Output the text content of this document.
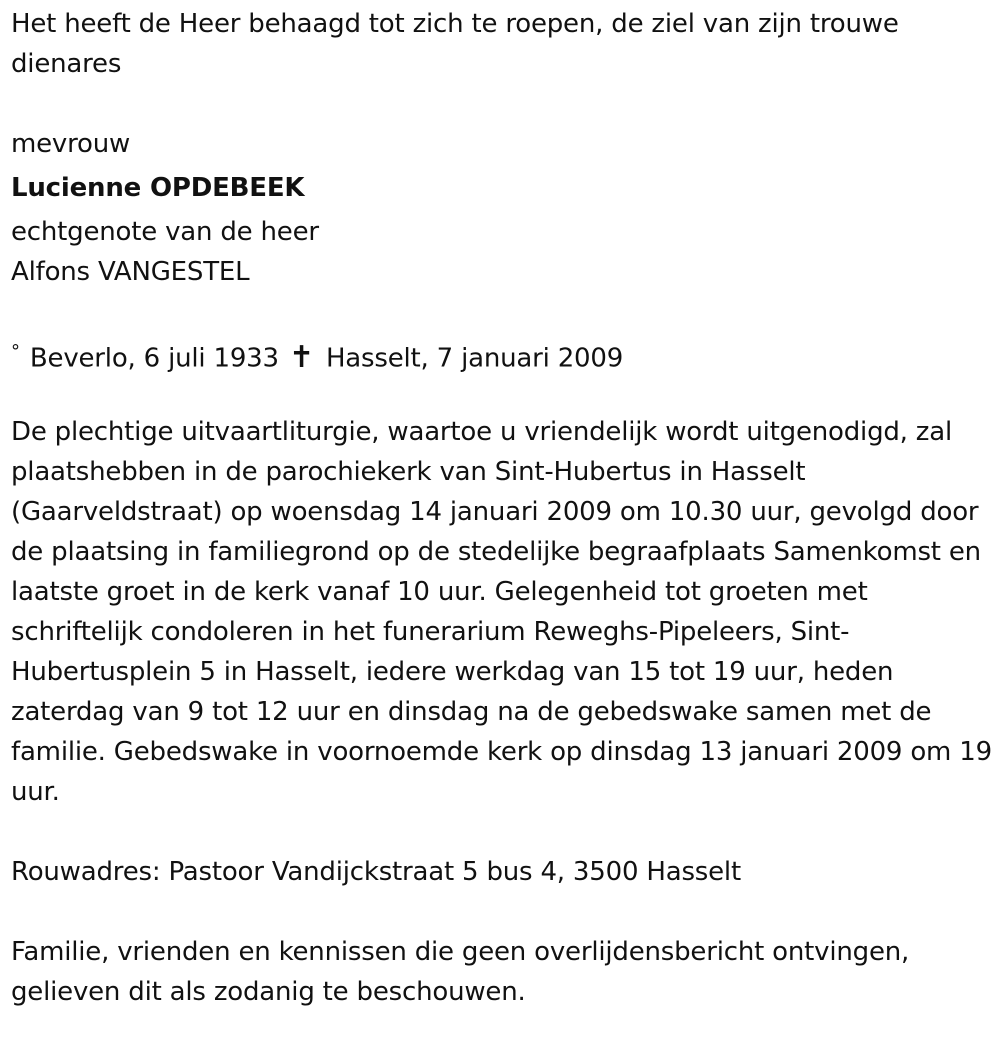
Het heeft de Heer behaagd tot zich te roepen, de ziel van zijn trouwe dienares
mevrouw
Lucienne OPDEBEEK
echtgenote van de heer
Alfons VANGESTEL
° Beverlo, 6 juli 1933 ✝ Hasselt, 7 januari 2009
De plechtige uitvaartliturgie, waartoe u vriendelijk wordt uitgenodigd, zal plaatshebben in de parochiekerk van Sint-Hubertus in Hasselt (Gaarveldstraat) op woensdag 14 januari 2009 om 10.30 uur, gevolgd door de plaatsing in familiegrond op de stedelijke begraafplaats Samenkomst en laatste groet in de kerk vanaf 10 uur. Gelegenheid tot groeten met schriftelijk condoleren in het funerarium Reweghs-Pipeleers, Sint-Hubertusplein 5 in Hasselt, iedere werkdag van 15 tot 19 uur, heden zaterdag van 9 tot 12 uur en dinsdag na de gebedswake samen met de familie. Gebedswake in voornoemde kerk op dinsdag 13 januari 2009 om 19 uur.
Rouwadres: Pastoor Vandijckstraat 5 bus 4, 3500 Hasselt
Familie, vrienden en kennissen die geen overlijdensbericht ontvingen, gelieven dit als zodanig te beschouwen.
